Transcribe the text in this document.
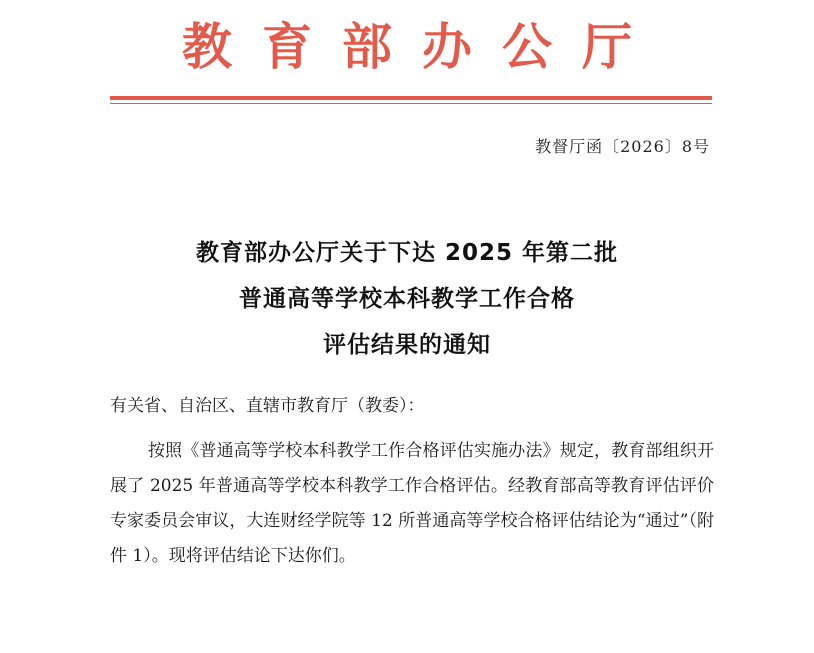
教育部办公厅
教督厅函〔2026〕8号
教育部办公厅关于下达 2025 年第二批
普通高等学校本科教学工作合格
评估结果的通知
有关省、自治区、直辖市教育厅（教委）：

按照《普通高等学校本科教学工作合格评估实施办法》规定，教育部组织开展了 2025 年普通高等学校本科教学工作合格评估。经教育部高等教育评估评价专家委员会审议，大连财经学院等 12 所普通高等学校合格评估结论为“通过”（附件 1）。现将评估结论下达你们。
